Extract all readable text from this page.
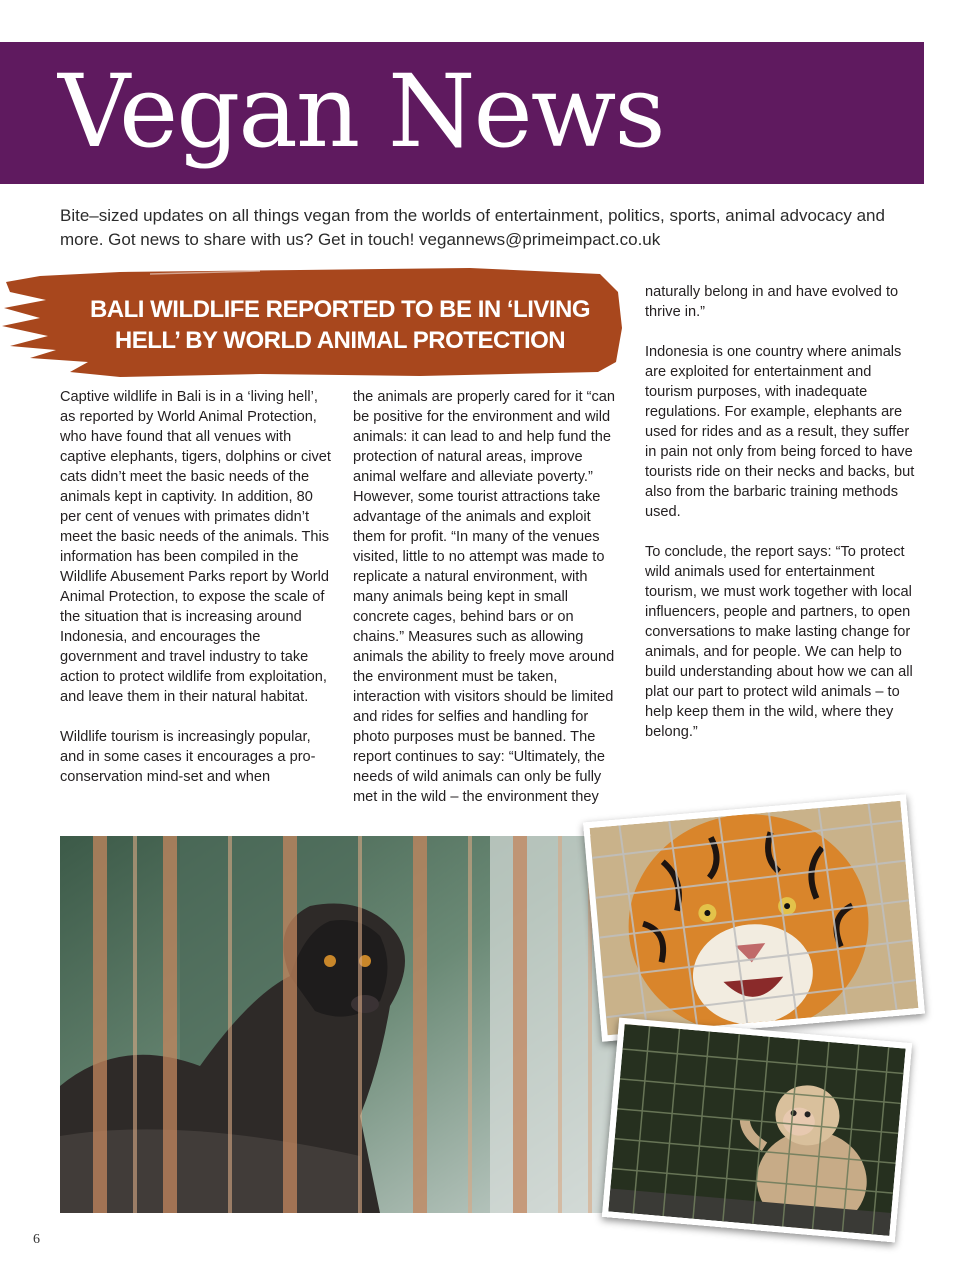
Vegan News

Bite–sized updates on all things vegan from the worlds of entertainment, politics, sports, animal advocacy and more. Got news to share with us? Get in touch! vegannews@primeimpact.co.uk

BALI WILDLIFE REPORTED TO BE IN ‘LIVING HELL’ BY WORLD ANIMAL PROTECTION
Captive wildlife in Bali is in a ‘living hell’, as reported by World Animal Protection, who have found that all venues with captive elephants, tigers, dolphins or civet cats didn’t meet the basic needs of the animals kept in captivity. In addition, 80 per cent of venues with primates didn’t meet the basic needs of the animals. This information has been compiled in the Wildlife Abusement Parks report by World Animal Protection, to expose the scale of the situation that is increasing around Indonesia, and encourages the government and travel industry to take action to protect wildlife from exploitation, and leave them in their natural habitat.

Wildlife tourism is increasingly popular, and in some cases it encourages a pro-conservation mind-set and when
the animals are properly cared for it “can be positive for the environment and wild animals: it can lead to and help fund the protection of natural areas, improve animal welfare and alleviate poverty.” However, some tourist attractions take advantage of the animals and exploit them for profit. “In many of the venues visited, little to no attempt was made to replicate a natural environment, with many animals being kept in small concrete cages, behind bars or on chains.” Measures such as allowing animals the ability to freely move around the environment must be taken, interaction with visitors should be limited and rides for selfies and handling for photo purposes must be banned. The report continues to say: “Ultimately, the needs of wild animals can only be fully met in the wild – the environment they
naturally belong in and have evolved to thrive in.”

Indonesia is one country where animals are exploited for entertainment and tourism purposes, with inadequate regulations. For example, elephants are used for rides and as a result, they suffer in pain not only from being forced to have tourists ride on their necks and backs, but also from the barbaric training methods used.

To conclude, the report says: “To protect wild animals used for entertainment tourism, we must work together with local influencers, people and partners, to open conversations to make lasting change for animals, and for people. We can help to build understanding about how we can all plat our part to protect wild animals – to help keep them in the wild, where they belong.”
6
